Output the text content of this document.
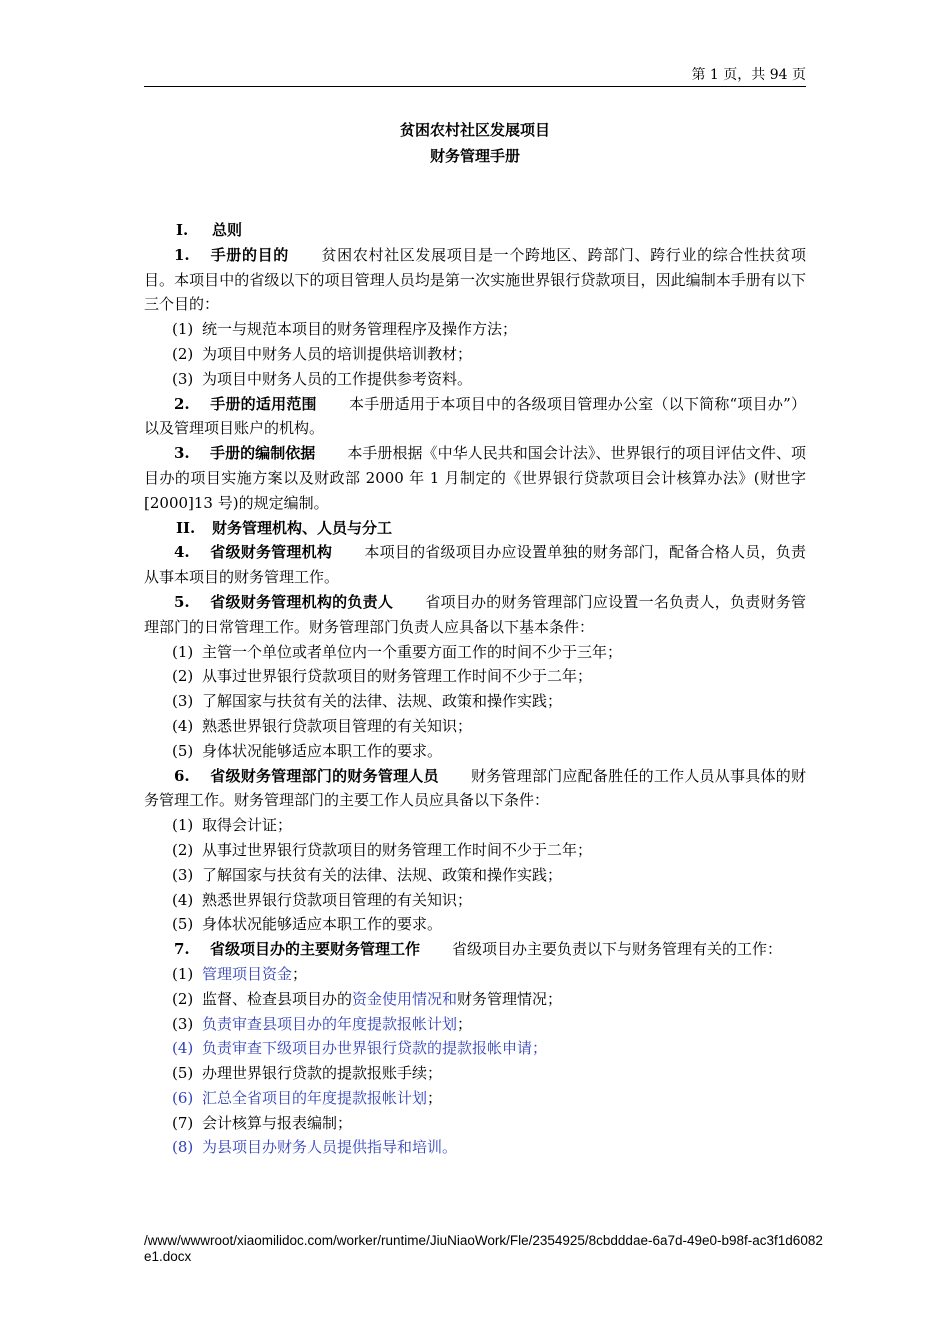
第 1 页，共 94 页
贫困农村社区发展项目
财务管理手册

I. 总则

1. 手册的目的 贫困农村社区发展项目是一个跨地区、跨部门、跨行业的综合性扶贫项目。本项目中的省级以下的项目管理人员均是第一次实施世界银行贷款项目，因此编制本手册有以下三个目的：

(1) 统一与规范本项目的财务管理程序及操作方法；

(2) 为项目中财务人员的培训提供培训教材；

(3) 为项目中财务人员的工作提供参考资料。

2. 手册的适用范围 本手册适用于本项目中的各级项目管理办公室（以下简称“项目办”）以及管理项目账户的机构。

3. 手册的编制依据 本手册根据《中华人民共和国会计法》、世界银行的项目评估文件、项目办的项目实施方案以及财政部 2000 年 1 月制定的《世界银行贷款项目会计核算办法》(财世字[2000]13 号)的规定编制。

II. 财务管理机构、人员与分工

4. 省级财务管理机构 本项目的省级项目办应设置单独的财务部门，配备合格人员，负责从事本项目的财务管理工作。

5. 省级财务管理机构的负责人 省项目办的财务管理部门应设置一名负责人，负责财务管理部门的日常管理工作。财务管理部门负责人应具备以下基本条件：

(1) 主管一个单位或者单位内一个重要方面工作的时间不少于三年；

(2) 从事过世界银行贷款项目的财务管理工作时间不少于二年；

(3) 了解国家与扶贫有关的法律、法规、政策和操作实践；

(4) 熟悉世界银行贷款项目管理的有关知识；

(5) 身体状况能够适应本职工作的要求。

6. 省级财务管理部门的财务管理人员 财务管理部门应配备胜任的工作人员从事具体的财务管理工作。财务管理部门的主要工作人员应具备以下条件：

(1) 取得会计证；

(2) 从事过世界银行贷款项目的财务管理工作时间不少于二年；

(3) 了解国家与扶贫有关的法律、法规、政策和操作实践；

(4) 熟悉世界银行贷款项目管理的有关知识；

(5) 身体状况能够适应本职工作的要求。

7. 省级项目办的主要财务管理工作 省级项目办主要负责以下与财务管理有关的工作：

(1) 管理项目资金；

(2) 监督、检查县项目办的资金使用情况和财务管理情况；

(3) 负责审查县项目办的年度提款报帐计划；

(4) 负责审查下级项目办世界银行贷款的提款报帐申请；

(5) 办理世界银行贷款的提款报账手续；

(6) 汇总全省项目的年度提款报帐计划；

(7) 会计核算与报表编制；

(8) 为县项目办财务人员提供指导和培训。

/www/wwwroot/xiaomilidoc.com/worker/runtime/JiuNiaoWork/Fle/2354925/8cbdddae-6a7d-49e0-b98f-ac3f1d6082e1.docx
